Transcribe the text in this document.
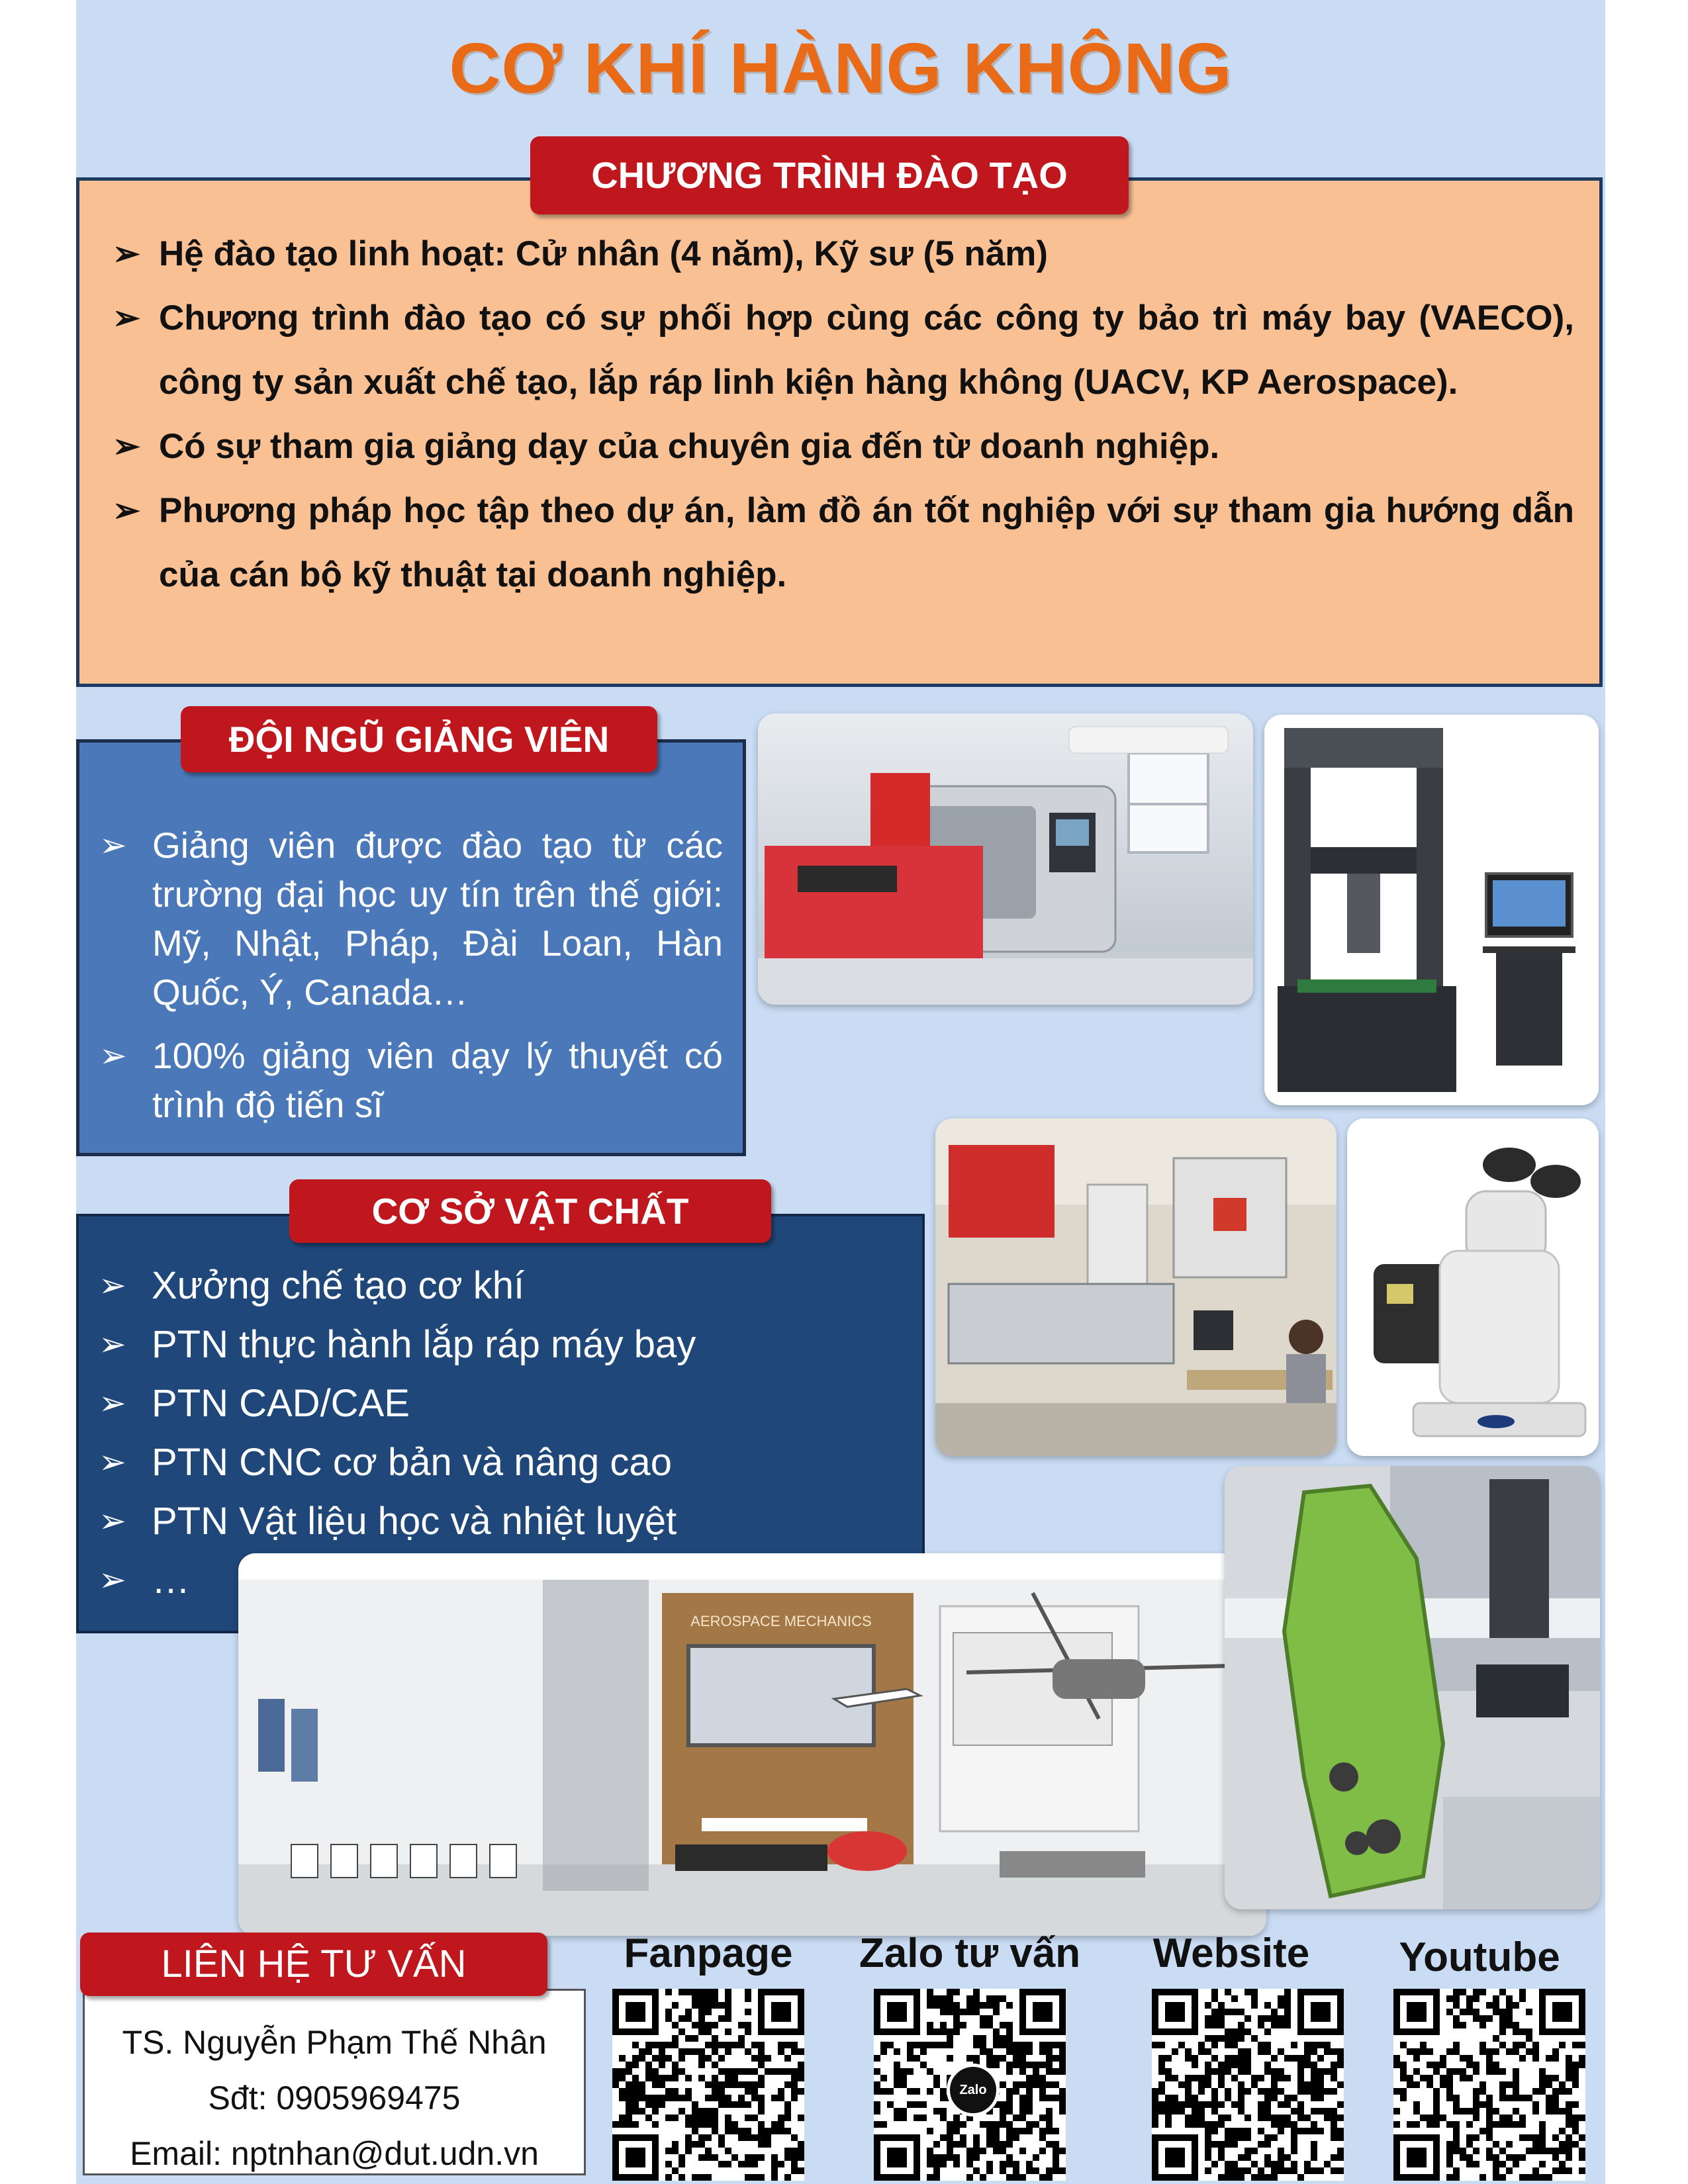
CƠ KHÍ HÀNG KHÔNG
➢ Hệ đào tạo linh hoạt: Cử nhân (4 năm), Kỹ sư (5 năm)
➢ Chương trình đào tạo có sự phối hợp cùng các công ty bảo trì máy bay (VAECO), công ty sản xuất chế tạo, lắp ráp linh kiện hàng không (UACV, KP Aerospace).
➢ Có sự tham gia giảng dạy của chuyên gia đến từ doanh nghiệp.
➢ Phương pháp học tập theo dự án, làm đồ án tốt nghiệp với sự tham gia hướng dẫn của cán bộ kỹ thuật tại doanh nghiệp.
CHƯƠNG TRÌNH ĐÀO TẠO
➢ Giảng viên được đào tạo từ các trường đại học uy tín trên thế giới: Mỹ, Nhật, Pháp, Đài Loan, Hàn Quốc, Ý, Canada…
➢ 100% giảng viên dạy lý thuyết có trình độ tiến sĩ
ĐỘI NGŨ GIẢNG VIÊN
➢ Xưởng chế tạo cơ khí
➢ PTN thực hành lắp ráp máy bay
➢ PTN CAD/CAE
➢ PTN CNC cơ bản và nâng cao
➢ PTN Vật liệu học và nhiệt luyệt
➢ …
CƠ SỞ VẬT CHẤT
AEROSPACE MECHANICS
TS. Nguyễn Phạm Thế Nhân
Sđt: 0905969475
Email: nptnhan@dut.udn.vn
LIÊN HỆ TƯ VẤN	Fanpage	Zalo tư vấn	Website	Youtube
Zalo
